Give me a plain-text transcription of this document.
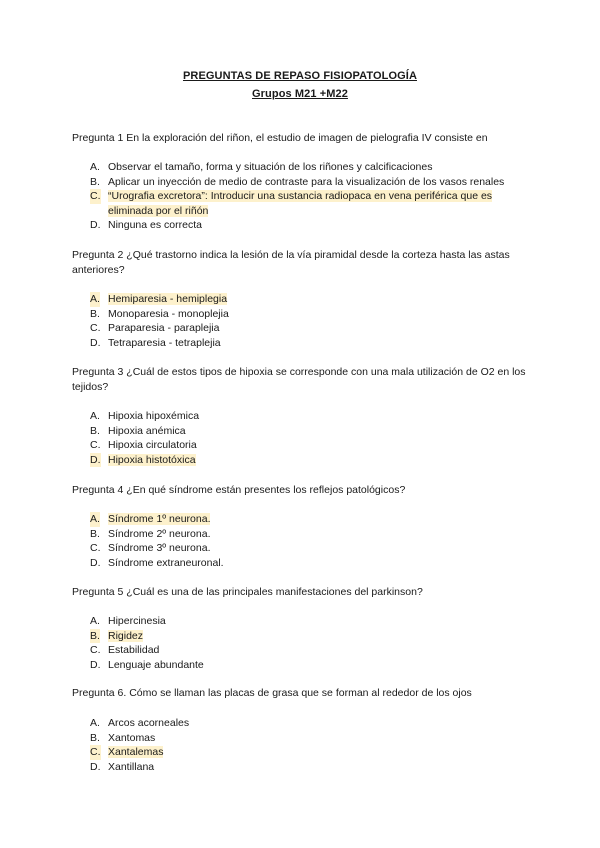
PREGUNTAS DE REPASO FISIOPATOLOGÍA
Grupos M21 +M22
Pregunta 1 En la exploración del riñon, el estudio de imagen de pielografia IV consiste en
A. Observar el tamaño, forma y situación de los riñones y calcificaciones
B. Aplicar un inyección de medio de contraste para la visualización de los vasos renales
C. “Urografia excretora”: Introducir una sustancia radiopaca en vena periférica que es eliminada por el riñón
D. Ninguna es correcta
Pregunta 2 ¿Qué trastorno indica la lesión de la vía piramidal desde la corteza hasta las astas anteriores?
A. Hemiparesia - hemiplegia
B. Monoparesia - monoplejia
C. Paraparesia - paraplejia
D. Tetraparesia - tetraplejia
Pregunta 3 ¿Cuál de estos tipos de hipoxia se corresponde con una mala utilización de O2 en los tejidos?
A. Hipoxia hipoxémica
B. Hipoxia anémica
C. Hipoxia circulatoria
D. Hipoxia histotóxica
Pregunta 4 ¿En qué síndrome están presentes los reflejos patológicos?
A. Síndrome 1º neurona.
B. Síndrome 2º neurona.
C. Síndrome 3º neurona.
D. Síndrome extraneuronal.
Pregunta 5 ¿Cuál es una de las principales manifestaciones del parkinson?
A. Hipercinesia
B. Rigidez
C. Estabilidad
D. Lenguaje abundante
Pregunta 6. Cómo se llaman las placas de grasa que se forman al rededor de los ojos
A. Arcos acorneales
B. Xantomas
C. Xantalemas
D. Xantillana
